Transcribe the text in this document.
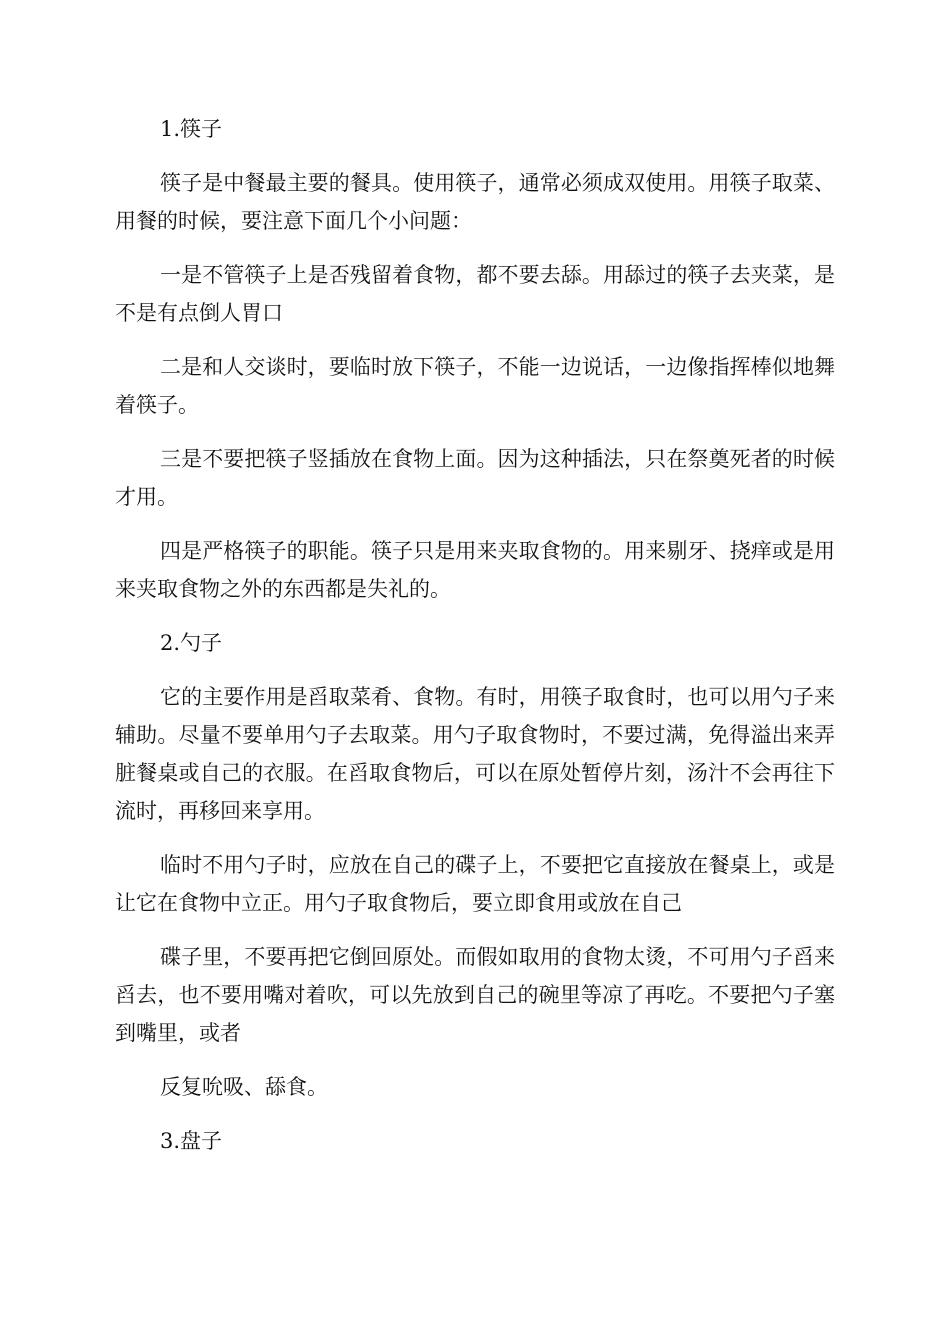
1.筷子

筷子是中餐最主要的餐具。使用筷子，通常必须成双使用。用筷子取菜、用餐的时候，要注意下面几个小问题：

一是不管筷子上是否残留着食物，都不要去舔。用舔过的筷子去夹菜，是不是有点倒人胃口

二是和人交谈时，要临时放下筷子，不能一边说话，一边像指挥棒似地舞着筷子。

三是不要把筷子竖插放在食物上面。因为这种插法，只在祭奠死者的时候才用。

四是严格筷子的职能。筷子只是用来夹取食物的。用来剔牙、挠痒或是用来夹取食物之外的东西都是失礼的。

2.勺子

它的主要作用是舀取菜肴、食物。有时，用筷子取食时，也可以用勺子来辅助。尽量不要单用勺子去取菜。用勺子取食物时，不要过满，免得溢出来弄脏餐桌或自己的衣服。在舀取食物后，可以在原处暂停片刻，汤汁不会再往下流时，再移回来享用。

临时不用勺子时，应放在自己的碟子上，不要把它直接放在餐桌上，或是让它在食物中立正。用勺子取食物后，要立即食用或放在自己

碟子里，不要再把它倒回原处。而假如取用的食物太烫，不可用勺子舀来舀去，也不要用嘴对着吹，可以先放到自己的碗里等凉了再吃。不要把勺子塞到嘴里，或者

反复吮吸、舔食。

3.盘子
